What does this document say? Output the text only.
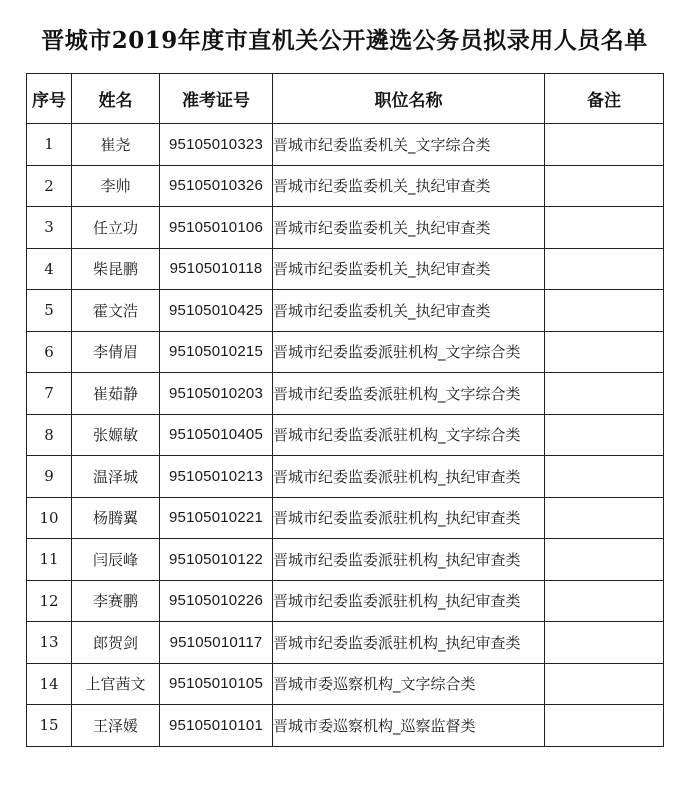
晋城市2019年度市直机关公开遴选公务员拟录用人员名单
序号	姓名	准考证号	职位名称	备注
1	崔尧	95105010323	晋城市纪委监委机关_文字综合类	
2	李帅	95105010326	晋城市纪委监委机关_执纪审查类	
3	任立功	95105010106	晋城市纪委监委机关_执纪审查类	
4	柴昆鹏	95105010118	晋城市纪委监委机关_执纪审查类	
5	霍文浩	95105010425	晋城市纪委监委机关_执纪审查类	
6	李倩眉	95105010215	晋城市纪委监委派驻机构_文字综合类	
7	崔茹静	95105010203	晋城市纪委监委派驻机构_文字综合类	
8	张嫄敏	95105010405	晋城市纪委监委派驻机构_文字综合类	
9	温泽城	95105010213	晋城市纪委监委派驻机构_执纪审查类	
10	杨腾翼	95105010221	晋城市纪委监委派驻机构_执纪审查类	
11	闫辰峰	95105010122	晋城市纪委监委派驻机构_执纪审查类	
12	李赛鹏	95105010226	晋城市纪委监委派驻机构_执纪审查类	
13	郎贺剑	95105010117	晋城市纪委监委派驻机构_执纪审查类	
14	上官茜文	95105010105	晋城市委巡察机构_文字综合类	
15	王泽媛	95105010101	晋城市委巡察机构_巡察监督类	
